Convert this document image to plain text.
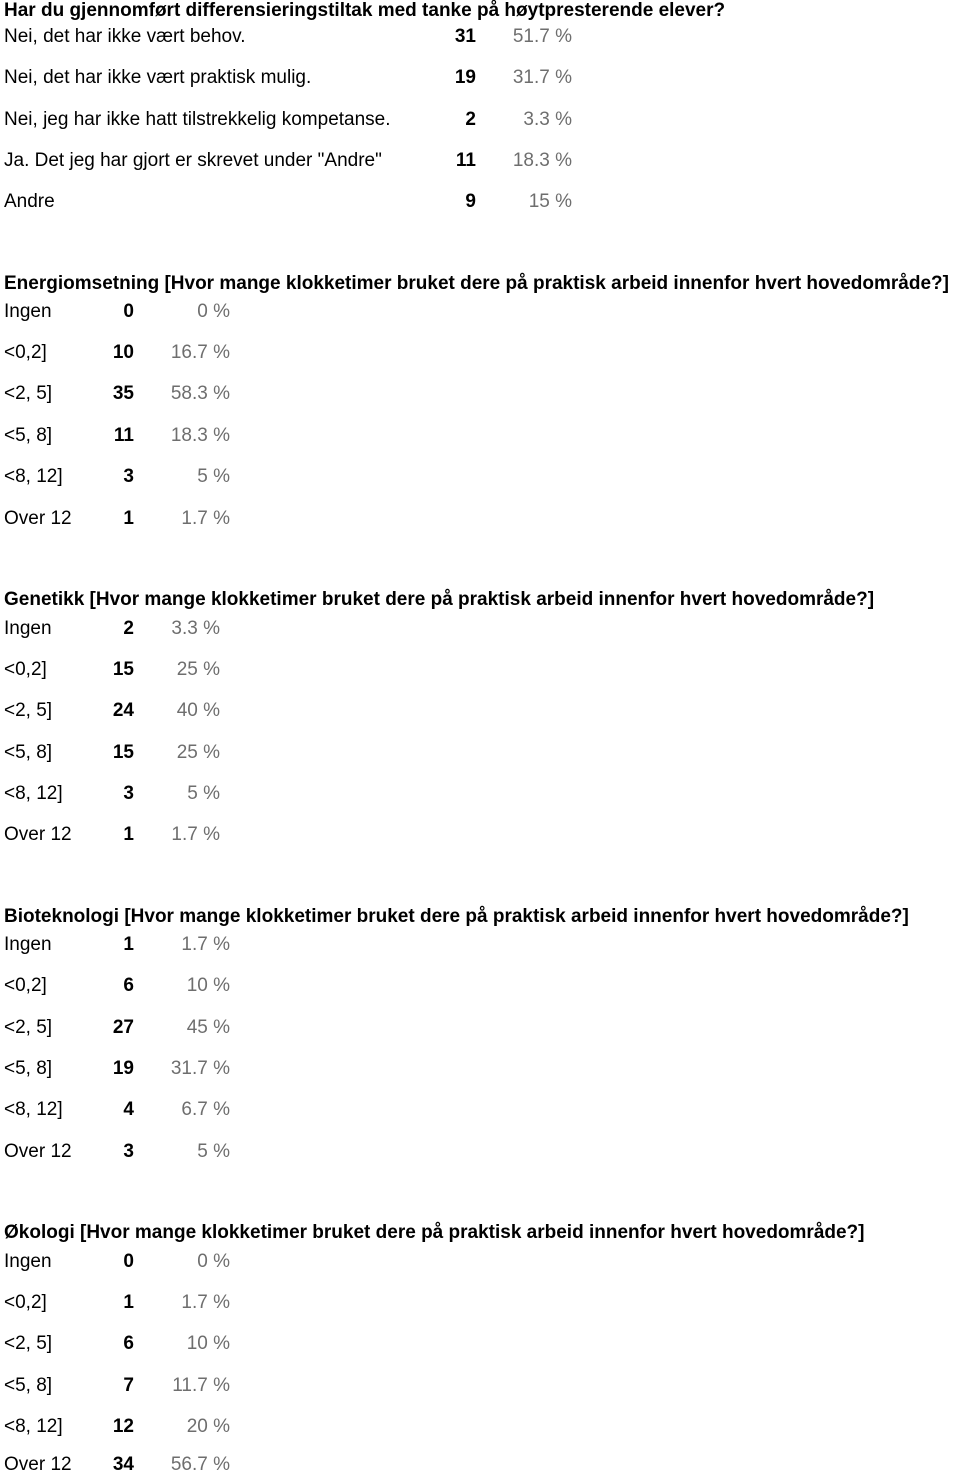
Har du gjennomført differensieringstiltak med tanke på høytpresterende elever?
Nei, det har ikke vært behov.	31	51.7 %
Nei, det har ikke vært praktisk mulig.	19	31.7 %
Nei, jeg har ikke hatt tilstrekkelig kompetanse.	2	3.3 %
Ja. Det jeg har gjort er skrevet under "Andre"	11	18.3 %
Andre	9	15 %
Energiomsetning [Hvor mange klokketimer bruket dere på praktisk arbeid innenfor hvert hovedområde?]
Ingen	0	0 %
<0,2]	10	16.7 %
<2, 5]	35	58.3 %
<5, 8]	11	18.3 %
<8, 12]	3	5 %
Over 12	1	1.7 %
Genetikk [Hvor mange klokketimer bruket dere på praktisk arbeid innenfor hvert hovedområde?]
Ingen	2	3.3 %
<0,2]	15	25 %
<2, 5]	24	40 %
<5, 8]	15	25 %
<8, 12]	3	5 %
Over 12	1	1.7 %
Bioteknologi [Hvor mange klokketimer bruket dere på praktisk arbeid innenfor hvert hovedområde?]
Ingen	1	1.7 %
<0,2]	6	10 %
<2, 5]	27	45 %
<5, 8]	19	31.7 %
<8, 12]	4	6.7 %
Over 12	3	5 %
Økologi [Hvor mange klokketimer bruket dere på praktisk arbeid innenfor hvert hovedområde?]
Ingen	0	0 %
<0,2]	1	1.7 %
<2, 5]	6	10 %
<5, 8]	7	11.7 %
<8, 12]	12	20 %
Over 12	34	56.7 %
